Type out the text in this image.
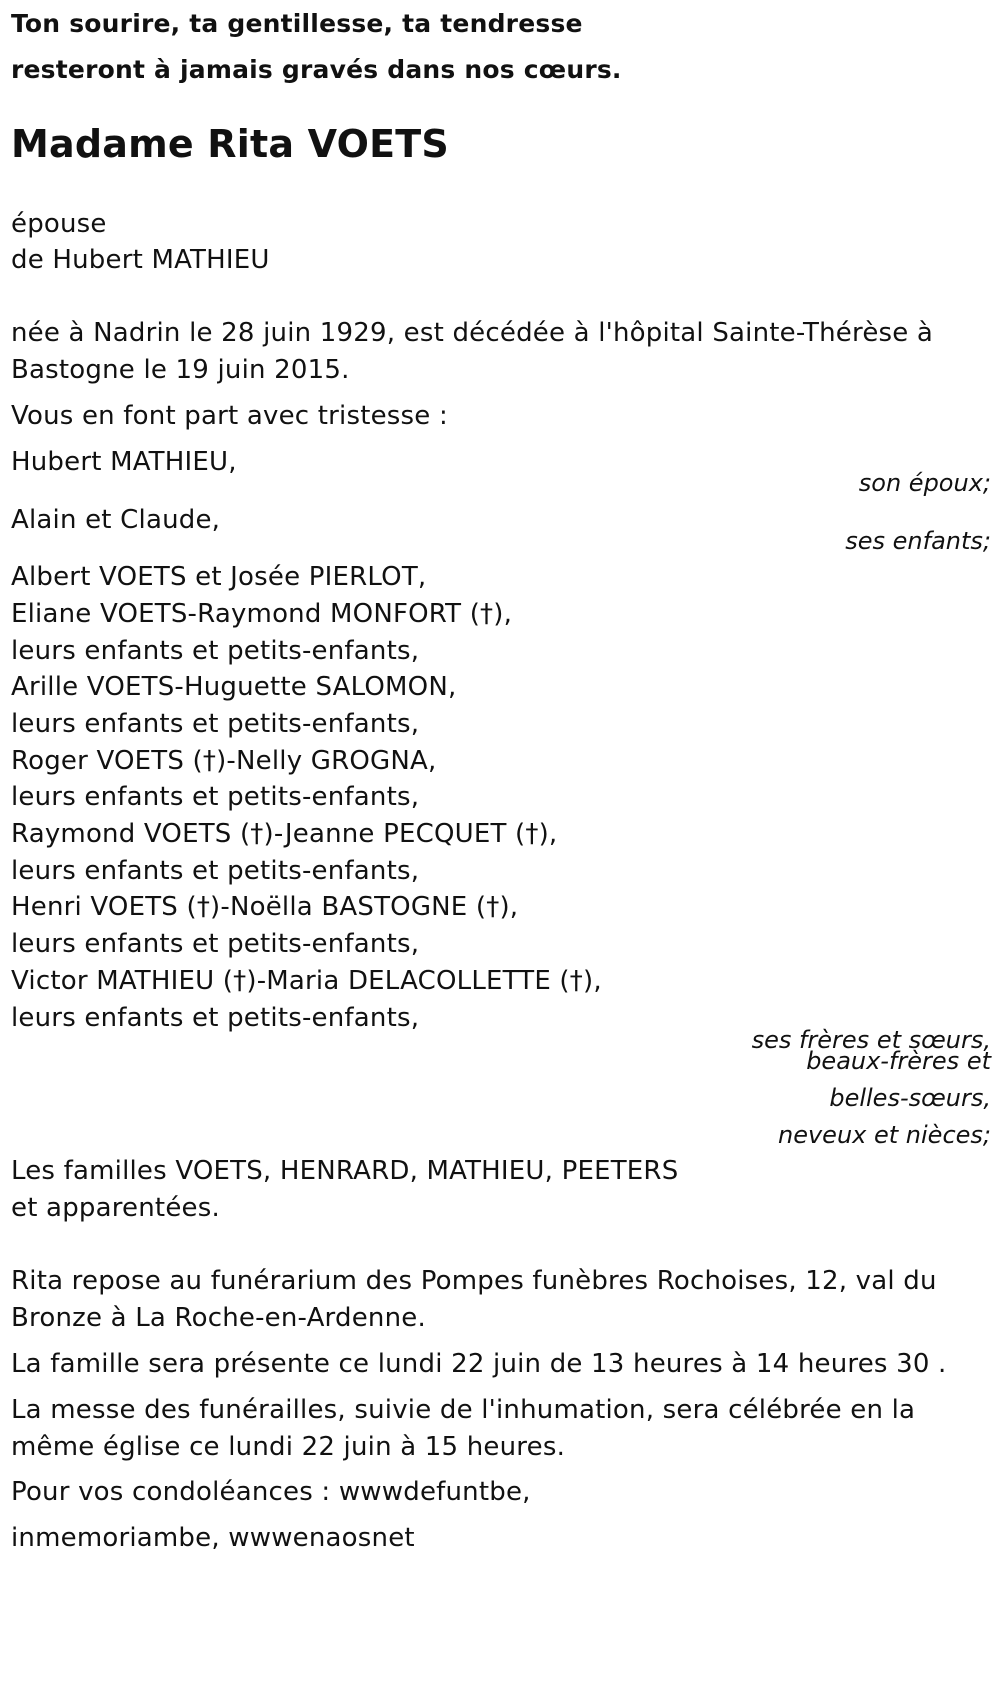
Ton sourire, ta gentillesse, ta tendresse
resteront à jamais gravés dans nos cœurs.
Madame Rita VOETS
épouse
de Hubert MATHIEU
née à Nadrin le 28 juin 1929, est décédée à l'hôpital Sainte-Thérèse à
Bastogne le 19 juin 2015.
Vous en font part avec tristesse :
Hubert MATHIEU,
son époux;
Alain et Claude,
ses enfants;
Albert VOETS et Josée PIERLOT,
Eliane VOETS-Raymond MONFORT (†),
leurs enfants et petits-enfants,
Arille VOETS-Huguette SALOMON,
leurs enfants et petits-enfants,
Roger VOETS (†)-Nelly GROGNA,
leurs enfants et petits-enfants,
Raymond VOETS (†)-Jeanne PECQUET (†),
leurs enfants et petits-enfants,
Henri VOETS (†)-Noëlla BASTOGNE (†),
leurs enfants et petits-enfants,
Victor MATHIEU (†)-Maria DELACOLLETTE (†),
leurs enfants et petits-enfants,
ses frères et sœurs,
beaux-frères et
belles-sœurs,
neveux et nièces;
Les familles VOETS, HENRARD, MATHIEU, PEETERS
et apparentées.
Rita repose au funérarium des Pompes funèbres Rochoises, 12, val du
Bronze à La Roche-en-Ardenne.
La famille sera présente ce lundi 22 juin de 13 heures à 14 heures 30 .
La messe des funérailles, suivie de l'inhumation, sera célébrée en la
même église ce lundi 22 juin à 15 heures.
Pour vos condoléances : wwwdefuntbe,
inmemoriambe, wwwenaosnet
